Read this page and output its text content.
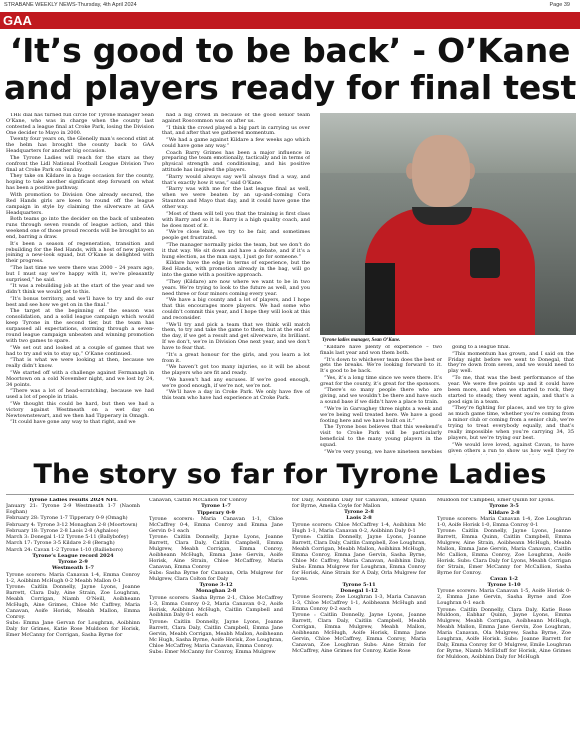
STRABANE WEEKLY NEWS-Thursday, 4th April 2024	Page 39
GAA
‘It’s good to be back’ - O’Kane and players ready for final test

THE dial has turned full circle for Tyrone manager Sean O’Kane, who was in charge when the county last contested a league final at Croke Park, losing the Division One decider to Mayo in 2000.

Twenty four years on, the Glenelly man’s second stint at the helm has brought the county back to GAA Headquarters for another big occasion.

The Tyrone Ladies will reach for the stars as they confront the Lidl National Football League Division Two final at Croke Park on Sunday.

They take on Kildare in a huge occasion for the county, hoping to take another significant step forward on what has been a positive pathway.

With promotion to Division One already secured, the Red Hands girls are keen to round off the league campaign in style by claiming the silverware at GAA Headquarters.

Both teams go into the decider on the back of unbeaten runs through seven rounds of league action, and this weekend one of those proud records will be brought to an end, barring a draw.

It’s been a season of regeneration, transition and rebuilding for the Red Hands, with a host of new players joining a new-look squad, but O’Kane is delighted with their progress.

“The last time we were there was 2000 – 24 years ago, but I must say we’re happy with it, we’re pleasantly surprised,” he said.

“It was a rebuilding job at the start of the year and we didn’t think we would get to this.

“It’s bonus territory, and we’ll have to try and do our best and see how we get on in the final.”

The target at the beginning of the season was consolidation, and a solid league campaign which would keep Tyrone in the second tier, but the team has surpassed all expectations, storming through a seven-round league campaign unbeaten and winning promotion with two games to spare.

“We set out and looked at a couple of games that we had to try and win to stay up,” O’Kane continued.

“That is what we were looking at then, because we really didn’t know.

“We started off with a challenge against Fermanagh in Moortown on a cold November night, and we lost by 24, 34 points.

“There was a lot of head-scratching, because we had used a lot of people in trials.

“We thought this could be hard, but then we had a victory against Westmeath on a wet day on Newtownstewart, and we then had Tipperary in Omagh.

“It could have gone any way to that right, and we

had a big crowd in because of the good senior team against Roscommon was on after us.

“I think the crowd played a big part in carrying us over that, and after that we gathered momentum.

“We had a game against Kildare a few weeks ago which could have gone any way.”

Coach Barry Grimes has been a major influence in preparing the team emotionally, tactically and in terms of physical strength and conditioning, and his positive attitude has inspired the players.

“Barry would always say we’ll always find a way, and that’s exactly how it was,” said O’Kane.

“Barry was with me for the last league final as well, when we were beaten by an up-and-coming Cora Staunton and Mayo that day, and it could have gone the other way.

“Most of them will tell you that the training is first class with Barry and so it is. Barry is a high quality coach, and he does most of it.

“We’re close knit, we try to be fair, and sometimes people get frustrated.

“The manager normally picks the team, but we don’t do it that way. We sit down and have a debate, and if it’s a hung election, as the man says, I just go for someone.”

Kildare have the edge in terms of experience, but the Red Hands, with promotion already in the bag, will go into the game with a positive approach.

“They (Kildare) are now where we want to be in two years. We’re trying to look to the future as well, and you need three or four minors coming every year.

“We have a big county and a lot of players, and I hope that this encourages more players. We had some who couldn’t commit this year, and I hope they will look at this and reconsider.

“We’ll try and pick a team that we think will match them, to try and take the game to them, but at the end of the day, if we get a result and get silverware, its brilliant. If we don’t, we’re in Division One next year, and we don’t have to fear that.

“It’s a great honour for the girls, and you learn a lot from it.

“We haven’t got too many injuries, so it will be about the players who are fit and ready.

“We haven’t had any excuses. If we’re good enough, we’re good enough, if we’re not, we’re not.

“We’ll have a day in Croke Park. We only have five of this team who have had experience at Croke Park.

Tyrone ladies manager, Sean O’Kane.

“Kildare have plenty of experience – two finals last year and won them both.

“It’s down to whichever team does the best or gets the breaks. We’re looking forward to it. It’s good to be back.

“Yes, it’s a long time since we were there. It’s great for the county, it’s great for the sponsors.

“There’s so many people there who are giving, and we wouldn’t be there and have such a sound base if we didn’t have a place to train.

“We’re in Garvaghey three nights a week and we’re being well treated here. We have a good footing here and we have built on it.”

The Tyrone boss believes that this weekend’s visit to Croke Park will be particularly beneficial to the many young players in the squad.

“We’re very young, we have nineteen newbies

going to a league final.

“This momentum has grown, and I said on the Friday night before we went to Donegal, that they’re down from seven, and we would need to play well.

“To me, that was the best performance of the year. We were five points up and it could have been more, and when we started to rock, they started to steady, they went again, and that’s a good sign in a team.

“They’re fighting for places, and we try to give as much game time, whether you’re coming from a minor club or coming from a senior club, we’re trying to treat everybody equally, and that’s really impossible when you’re carrying 34, 35 players, but we’re trying our best.

“We would love loved, against Cavan, to have given others a run to show us how well they’re

The story so far for Tyrone Ladies

Tyrone Ladies results 2024 NFL

January 21: Tyrone 2-9 Westmeath 1-7 (Naomh Eoghan)

February 28: Tyrone 1-7 Tipperary 0-9 (Omagh)

February 4: Tyrone 3-12 Monaghan 2-8 (Moortown)

February 18: Tyrone 2-8 Laois 2-8 (Aghaloo)

March 3: Donegal 1-12 Tyrone 5-11 (Ballybofey)

March 17: Tyrone 3-5 Kildare 2-8 (Beragh)

March 24: Cavan 1-2 Tyrone 1-10 (Bailieboro)

Tyrone’s League record 2024

Tyrone 2-9

Westmeath 1-7

Tyrone scorers: Maria Canavan 1-4, Emma Conroy 1-2, Aoibhinn McHugh 0-2 Meabh Mallon 0-1

Tyrone: Caitlin Donnelly, Jayne Lyons, Joanne Barrett, Clara Daly, Aine Strain, Zoe Loughran, Meabh Corrigan, Niamh O’Neill, Aoibheann McHugh, Aine Grimes, Chloe Mc Caffrey, Maria Canavan, Aoife Horisk, Meabh Mallon, Emma Conroy.

Subs: Emma Jane Gervan for Loughran, Aoibhinn Daly for Grimes, Katie Rose Muldoon for Horisk, Emer McCanny for Corrigan, Sasha Byrne for

Canavan, Caitlin McCallion for Conroy

Tyrone 1-7

Tipperary 0-9

Tyrone scorers: Maria Canavan 1-1, Chloe McCaffrey 0-4, Emma Conroy and Emma Jane Gervin 0-1 each

Tyrone: Caitlin Donnelly, Jayne Lyons, Joanne Barrett, Clara Daly, Caitlin Campbell, Emma Mulgrew, Meabh Corrigan, Emma Conroy, Aoibheann McHugh, Emma Jane Gervin, Aoife Horisk, Aine Strain, Chloe McCaffrey, Maria Canavan, Emma Conroy

Subs: Sasha Byrne for Canavan, Orla Mulgrew for Mulgrew, Clara Colton for Daly

Tyrone 3-12

Monaghan 2-8

Tyrone scorers: Sasha Byrne 2-1, Chloe McCaffrey 1-3, Emma Conroy 0-2, Maria Canavan 0-2, Aoife Horisk, Aoibhinn McHugh, Caitlin Campbell and Aoibhinn Daly 0-1 each

Tyrone: Caitlin Donnelly, Jayne Lyons, Joanne Barrett, Clara Daly, Caitlin Campbell, Emma Jane Gervin, Meabh Corrigan, Meabh Mallon, Aoibheann Mc Hugh, Sasha Byrne, Aoife Horisk, Zoe Loughran, Chloe McCaffrey, Maria Canavan, Emma Conroy.

Subs: Emer McCanny for Conroy, Emma Mulgrew

for Daly, Aoibhinn Daly for Canavan, Emear Quinn for Byrne, Amelia Coyle for Mallon

Tyrone 2-8

Laois 2-8

Tyrone scorers: Chloe McCaffrey 1-4, Aoibhinn Mc Hugh 1-1, Maria Canavan 0-2, Aoibhinn Daly 0-1

Tyrone: Caitlin Donnelly, Jayne Lyons, Joanne Barrett, Clara Daly, Caitlin Campbell, Zoe Loughran, Meabh Corrigan, Meabh Mallon, Aoibhinn McHugh, Emma Conroy, Emma Jane Gervin, Sasha Byrne, Chloe Mc Caffrey, Maria Canavan, Aoibhinn Daly. Subs: Emma Mulgrew for Loughran, Emma Conroy for Horisk, Aine Strain for A Daly, Orla Mulgrew for Lyons.

Tyrone 5-11

Donegal 1-12

Tyrone Scorers; Zoe Loughran 1-3, Maria Canavan 1-3, Chloe McCaffrey 1-1, Aoibheann McHugh and Emma Conroy 0-2 each

Tyrone : Caitlin Donnelly, Jayne Lyons, Joanne Barrett, Clara Daly, Caitlin Campbell, Meabh Corrigan, Emma Mulgrew, Meabh Mallon, Aoibheann McHugh, Aoife Horisk, Emma Jane Gervin, Chloe McCaffrey, Emma Conroy, Maria Canavan, Zoe Loughran Subs: Aine Strain for McCaffrey, Aine Grimes for Conroy, Katie Rose

Muldoon for Campbell, Emer Quinn for Lyons.

Tyrone 3-5

Kildare 2-8

Tyrone scorers: Maria Canavan 1-4, Zoe Loughran 1-0, Aoife Horisk 1-0, Emma Conroy 0-1

Tyrone: Caitlin Donnelly, Jayne Lyons, Joanne Barrett, Emma Quinn, Caitlin Campbell, Emma Mulgrew, Aine Strain, Aoibheann McHugh, Meabh Mallon, Emma Jane Gervin, Maria Canavan, Caitlin Mc Callion, Emma Conroy, Zoe Loughran, Aoife Horisk. Subs: Clara Daly for Lyons, Meabh Corrigan for Strain, Emer McCanny for McCallion, Sasha Byrne for Conroy.

Cavan 1-2

Tyrone 1-10

Tyrone scorers: Maria Canavan 1-5, Aoife Horisk 0-2, Emma Jane Gervin, Sasha Byrne and Zoe Loughran 0-1 each

Tyrone: Caitlin Donnelly, Clara Daly, Katie Rose Muldoon, Eabhar Quinn, Jayne Lyons, Emma Mulgrew, Meabh Corrigan, Aoibheann McHugh, Meabh Mallon, Emma Jane Gervin, Zoe Loughran, Maria Canavan, Ola Mulgrew, Sasha Byrne, Zoe Loughran, Aoife Horisk. Subs: Joanne Barrett for Daly, Emma Conroy for O Mulgrew, Emile Loughran for Byrne, Niamh McElduff for Horisk, Aine Grimes for Muldoon, Aoibhinn Daly for McHugh
